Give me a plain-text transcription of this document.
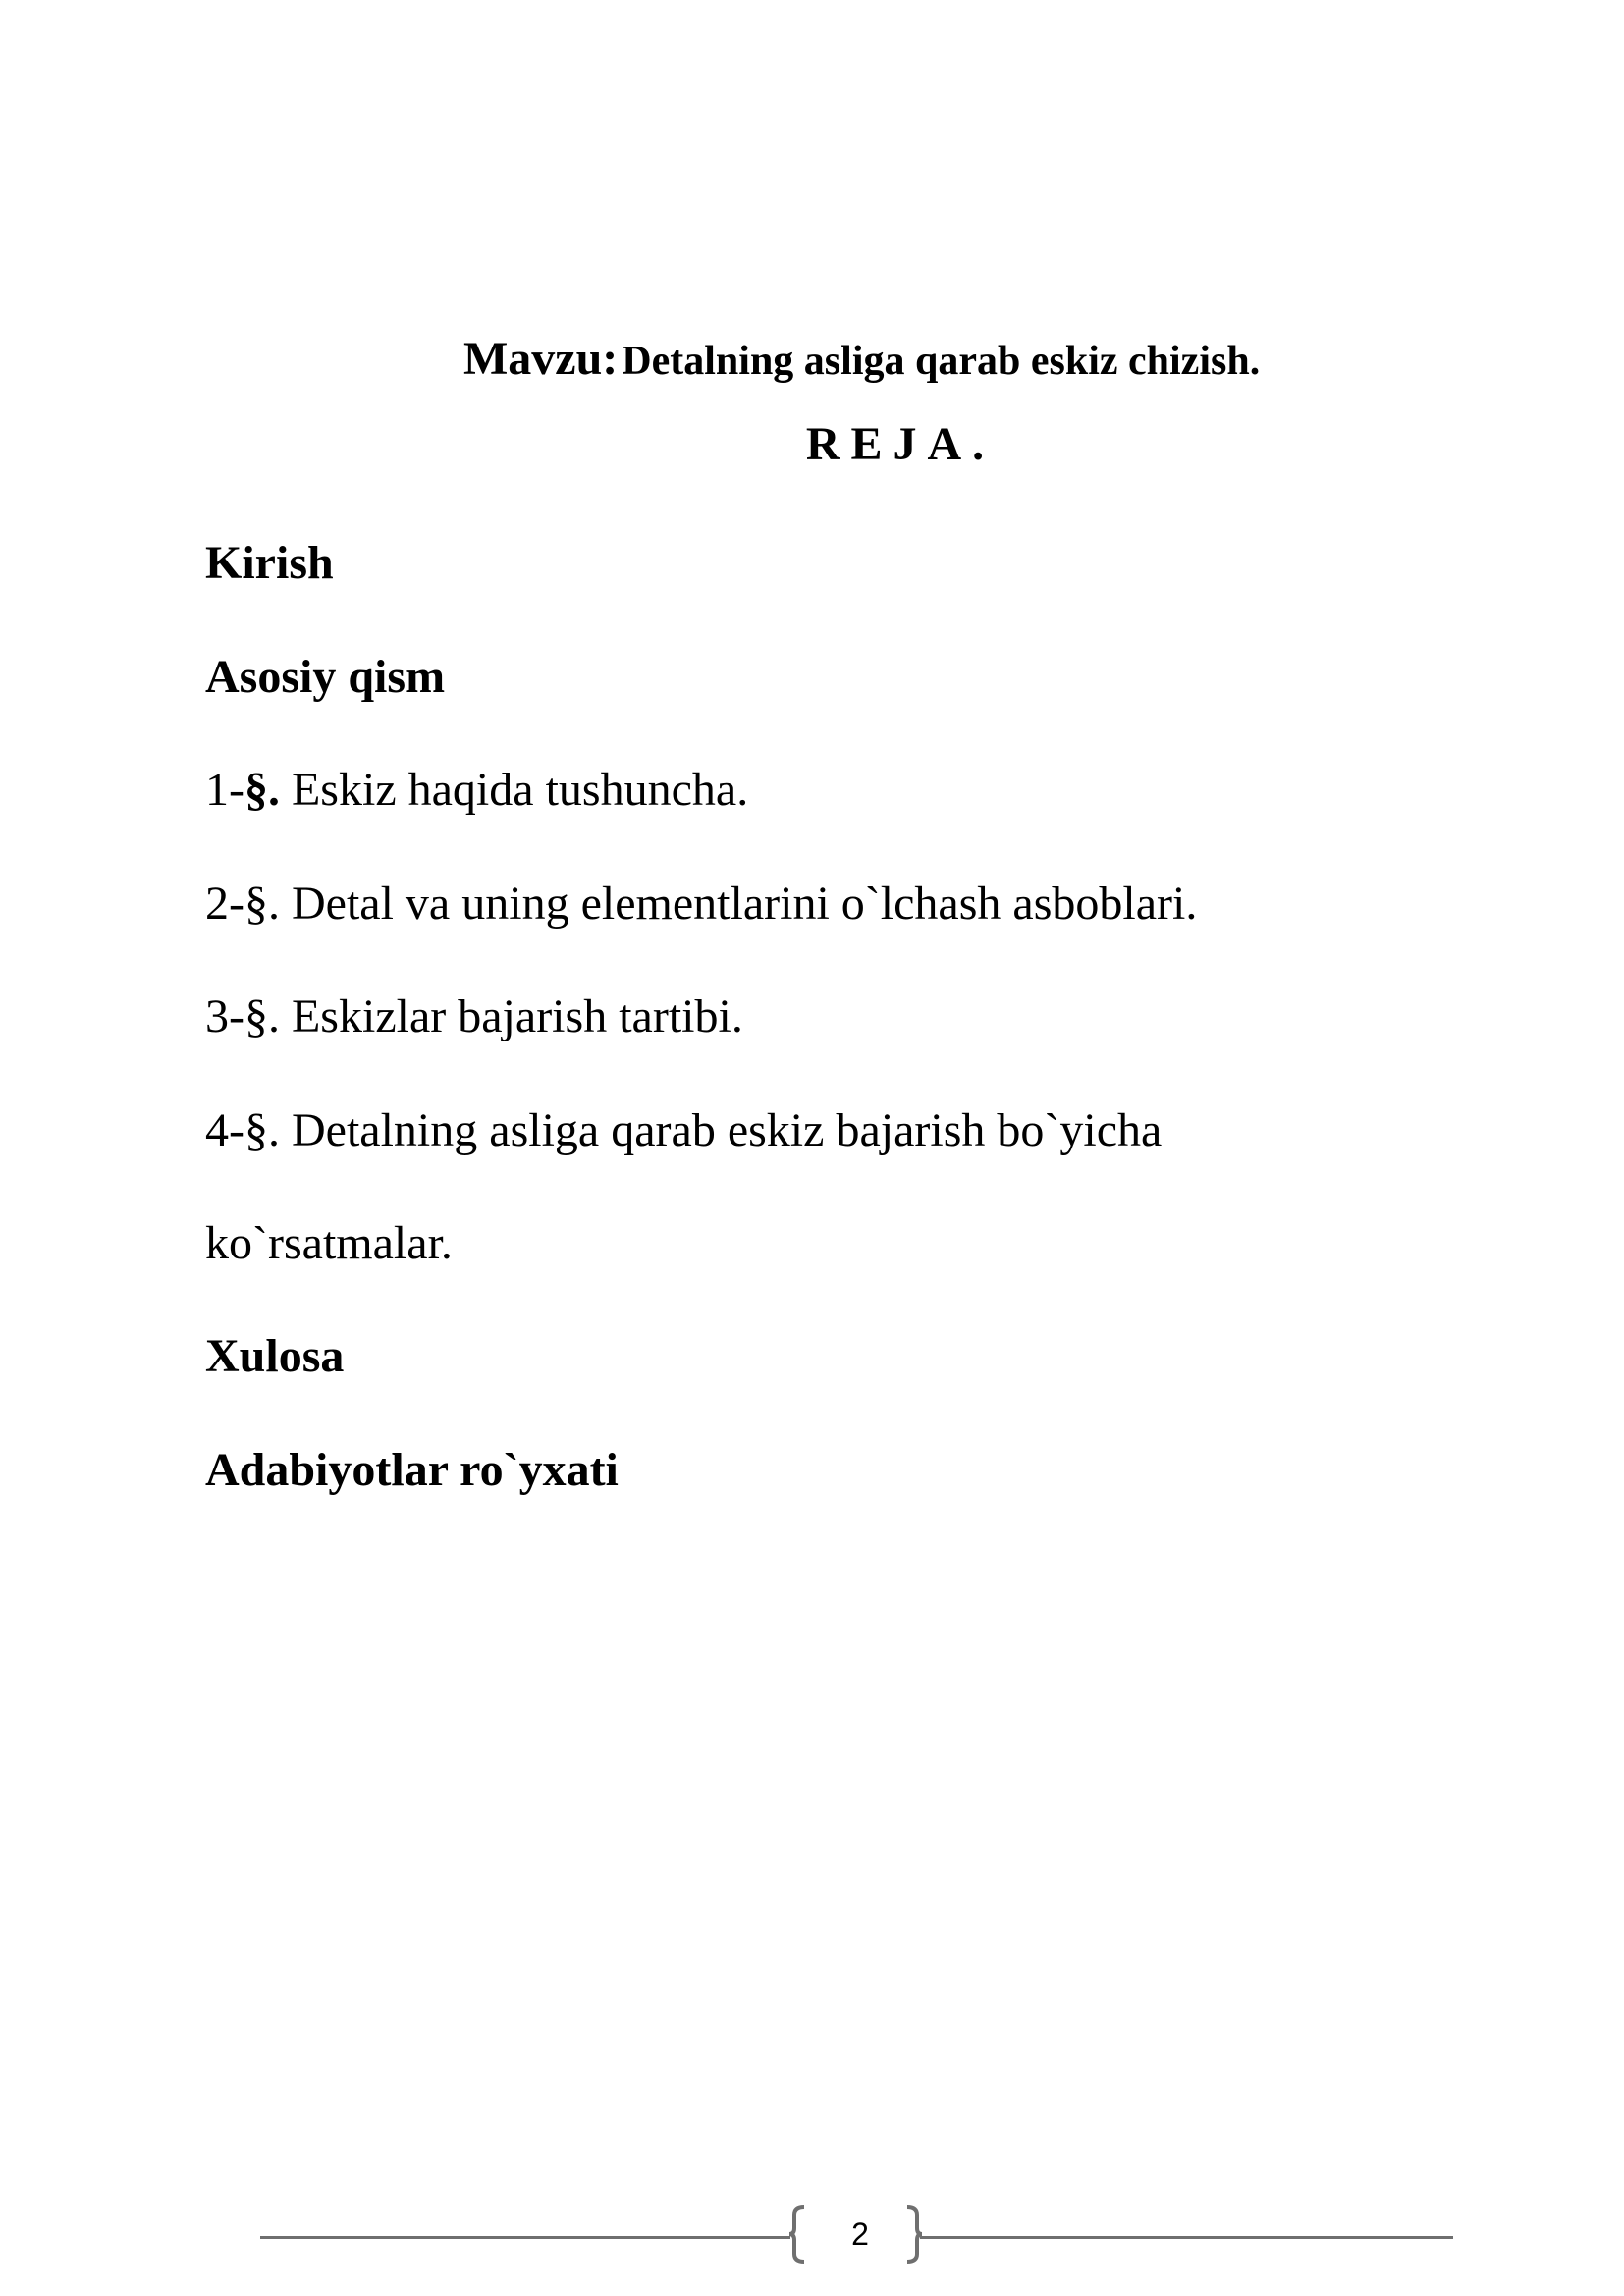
Mavzu: Detalning asliga qarab eskiz chizish.
REJA.
Kirish
Asosiy qism
1-§. Eskiz haqida tushuncha.
2-§. Detal va uning elementlarini o`lchash asboblari.
3-§. Eskizlar bajarish tartibi.
4-§. Detalning asliga qarab eskiz bajarish bo`yicha
ko`rsatmalar.
Xulosa
Adabiyotlar ro`yxati
2
